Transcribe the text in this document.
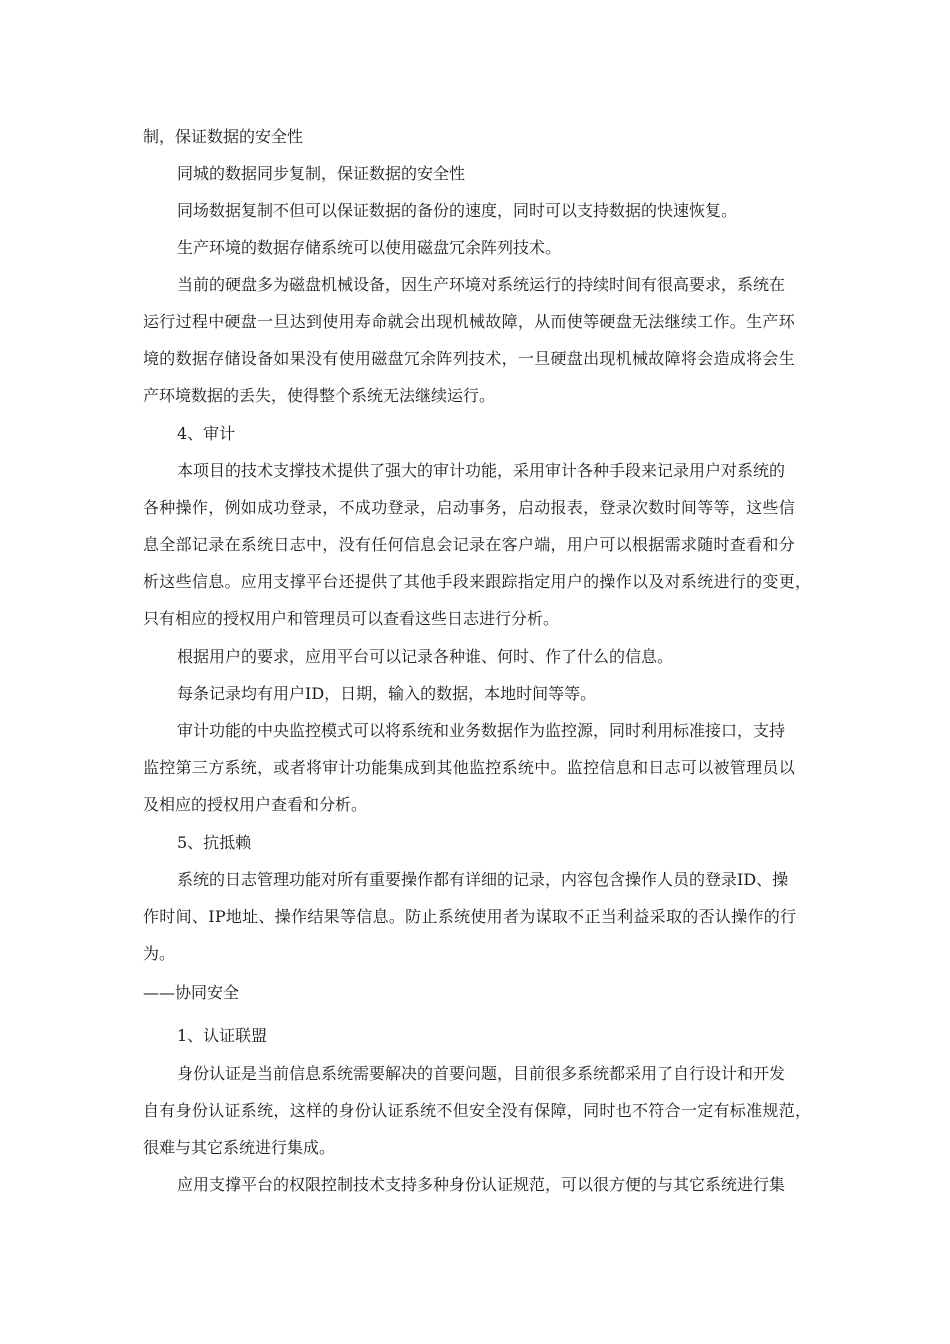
制，保证数据的安全性

同城的数据同步复制，保证数据的安全性

同场数据复制不但可以保证数据的备份的速度，同时可以支持数据的快速恢复。

生产环境的数据存储系统可以使用磁盘冗余阵列技术。

当前的硬盘多为磁盘机械设备，因生产环境对系统运行的持续时间有很高要求，系统在

运行过程中硬盘一旦达到使用寿命就会出现机械故障，从而使等硬盘无法继续工作。生产环

境的数据存储设备如果没有使用磁盘冗余阵列技术，一旦硬盘出现机械故障将会造成将会生

产环境数据的丢失，使得整个系统无法继续运行。

4、审计

本项目的技术支撑技术提供了强大的审计功能，采用审计各种手段来记录用户对系统的

各种操作，例如成功登录，不成功登录，启动事务，启动报表，登录次数时间等等，这些信

息全部记录在系统日志中，没有任何信息会记录在客户端，用户可以根据需求随时查看和分

析这些信息。应用支撑平台还提供了其他手段来跟踪指定用户的操作以及对系统进行的变更，

只有相应的授权用户和管理员可以查看这些日志进行分析。

根据用户的要求，应用平台可以记录各种谁、何时、作了什么的信息。

每条记录均有用户ID，日期，输入的数据，本地时间等等。

审计功能的中央监控模式可以将系统和业务数据作为监控源，同时利用标准接口，支持

监控第三方系统，或者将审计功能集成到其他监控系统中。监控信息和日志可以被管理员以

及相应的授权用户查看和分析。

5、抗抵赖

系统的日志管理功能对所有重要操作都有详细的记录，内容包含操作人员的登录ID、操

作时间、IP地址、操作结果等信息。防止系统使用者为谋取不正当利益采取的否认操作的行

为。

——协同安全

1、认证联盟

身份认证是当前信息系统需要解决的首要问题，目前很多系统都采用了自行设计和开发

自有身份认证系统，这样的身份认证系统不但安全没有保障，同时也不符合一定有标准规范，

很难与其它系统进行集成。

应用支撑平台的权限控制技术支持多种身份认证规范，可以很方便的与其它系统进行集
